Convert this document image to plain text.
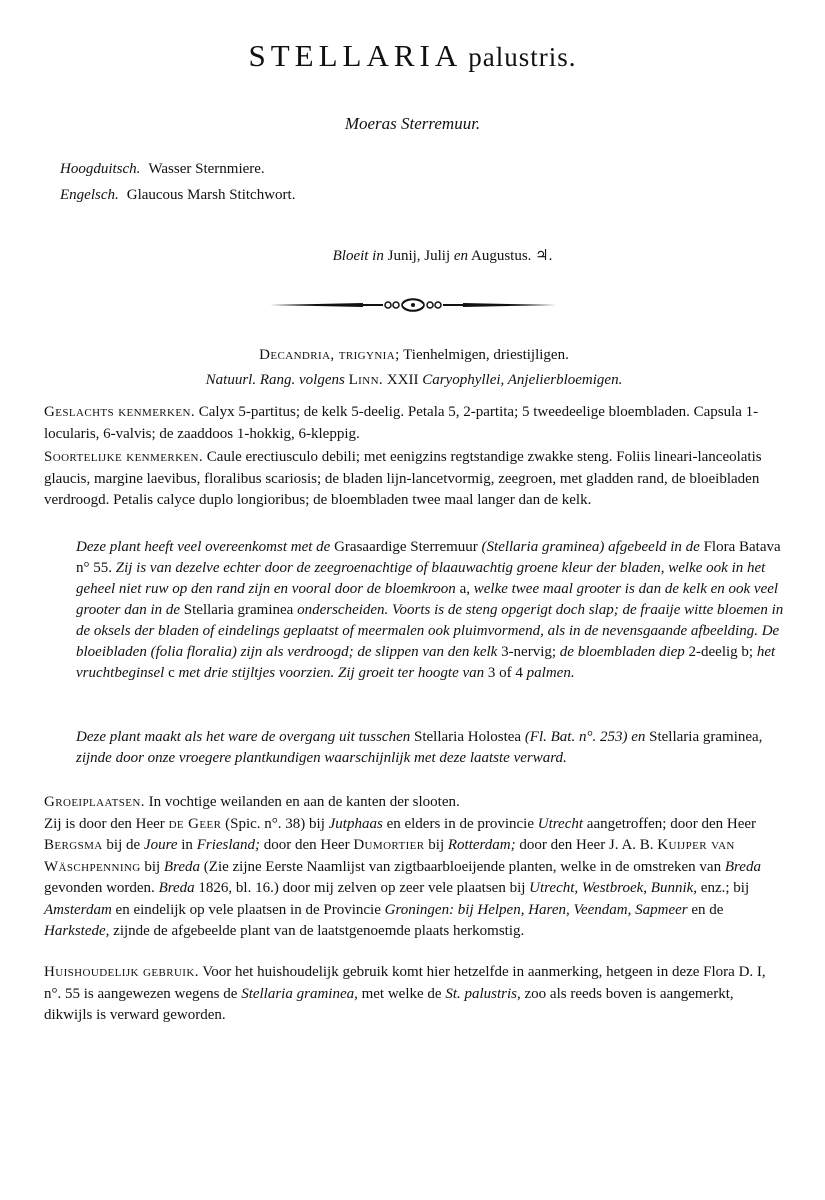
STELLARIA palustris.
Moeras Sterremuur.
Hoogduitsch. Wasser Sternmiere.
Engelsch. Glaucous Marsh Stitchwort.
Bloeit in Junij, Julij en Augustus. ♃.
Decandria, trigynia; Tienhelmigen, driestijligen.
Natuurl. Rang. volgens Linn. XXII Caryophyllei, Anjelierbloemigen.

Geslachts kenmerken. Calyx 5-partitus; de kelk 5-deelig. Petala 5, 2-partita; 5 tweedeelige bloembladen. Capsula 1-locularis, 6-valvis; de zaaddoos 1-hokkig, 6-kleppig.

Soortelijke kenmerken. Caule erectiusculo debili; met eenigzins regtstandige zwakke steng. Foliis lineari-lanceolatis glaucis, margine laevibus, floralibus scariosis; de bladen lijn-lancetvormig, zeegroen, met gladden rand, de bloeibladen verdroogd. Petalis calyce duplo longioribus; de bloembladen twee maal langer dan de kelk.

Deze plant heeft veel overeenkomst met de Grasaardige Sterremuur (Stellaria graminea) afgebeeld in de Flora Batava n° 55. Zij is van dezelve echter door de zeegroenachtige of blaauwachtig groene kleur der bladen, welke ook in het geheel niet ruw op den rand zijn en vooral door de bloemkroon a, welke twee maal grooter is dan de kelk en ook veel grooter dan in de Stellaria graminea onderscheiden. Voorts is de steng opgerigt doch slap; de fraaije witte bloemen in de oksels der bladen of eindelings geplaatst of meermalen ook pluimvormend, als in de nevensgaande afbeelding. De bloeibladen (folia floralia) zijn als verdroogd; de slippen van den kelk 3-nervig; de bloembladen diep 2-deelig b; het vruchtbeginsel c met drie stijltjes voorzien. Zij groeit ter hoogte van 3 of 4 palmen.

Deze plant maakt als het ware de overgang uit tusschen Stellaria Holostea (Fl. Bat. n°. 253) en Stellaria graminea, zijnde door onze vroegere plantkundigen waarschijnlijk met deze laatste verward.

Groeiplaatsen. In vochtige weilanden en aan de kanten der slooten.

Zij is door den Heer de Geer (Spic. n°. 38) bij Jutphaas en elders in de provincie Utrecht aangetroffen; door den Heer Bergsma bij de Joure in Friesland; door den Heer Dumortier bij Rotterdam; door den Heer J. A. B. Kuijper van Wäschpenning bij Breda (Zie zijne Eerste Naamlijst van zigtbaarbloeijende planten, welke in de omstreken van Breda gevonden worden. Breda 1826, bl. 16.) door mij zelven op zeer vele plaatsen bij Utrecht, Westbroek, Bunnik, enz.; bij Amsterdam en eindelijk op vele plaatsen in de Provincie Groningen: bij Helpen, Haren, Veendam, Sapmeer en de Harkstede, zijnde de afgebeelde plant van de laatstgenoemde plaats herkomstig.

Huishoudelijk gebruik. Voor het huishoudelijk gebruik komt hier hetzelfde in aanmerking, hetgeen in deze Flora D. I, n°. 55 is aangewezen wegens de Stellaria graminea, met welke de St. palustris, zoo als reeds boven is aangemerkt, dikwijls is verward geworden.
